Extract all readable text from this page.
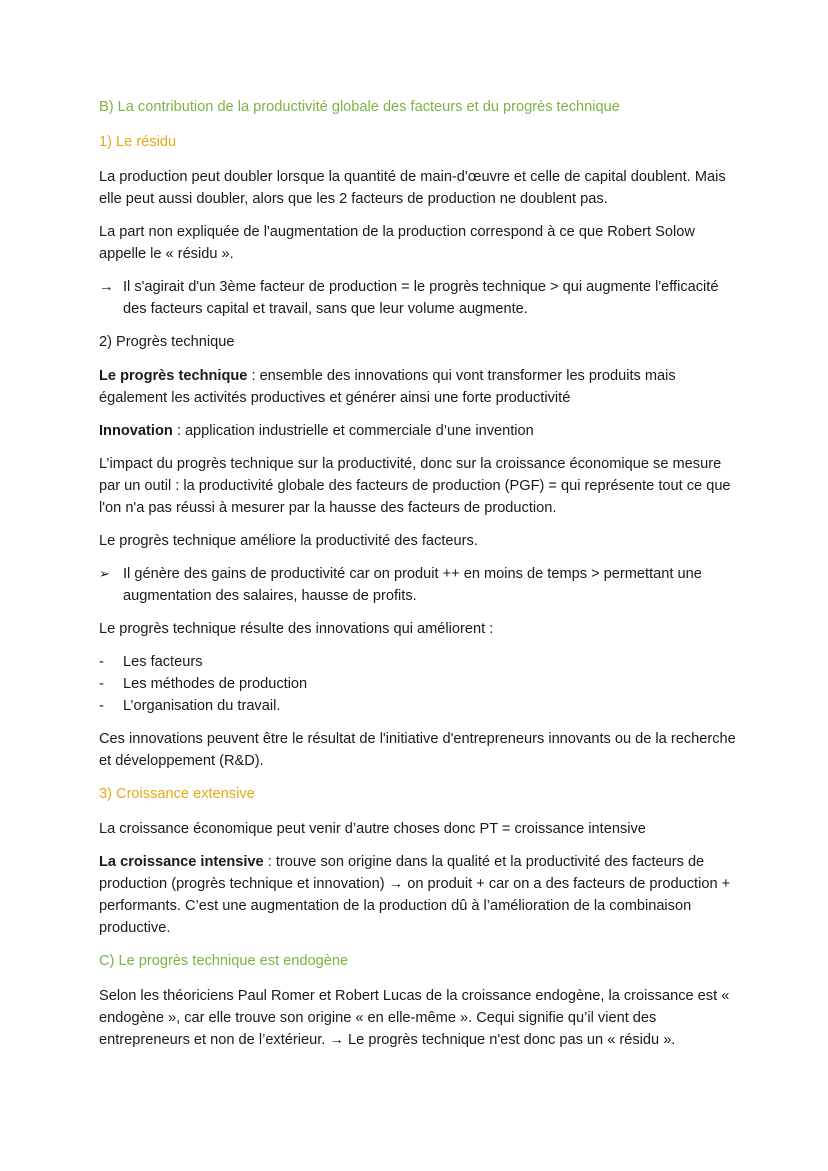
B) La contribution de la productivité globale des facteurs et du progrès technique
1) Le résidu

La production peut doubler lorsque la quantité de main-d'œuvre et celle de capital doublent. Mais elle peut aussi doubler, alors que les 2 facteurs de production ne doublent pas.

La part non expliquée de l'augmentation de la production correspond à ce que Robert Solow appelle le « résidu ».

→ Il s'agirait d'un 3ème facteur de production = le progrès technique > qui augmente l'efficacité des facteurs capital et travail, sans que leur volume augmente.
2) Progrès technique

Le progrès technique : ensemble des innovations qui vont transformer les produits mais également les activités productives et générer ainsi une forte productivité

Innovation : application industrielle et commerciale d’une invention

L’impact du progrès technique sur la productivité, donc sur la croissance économique se mesure par un outil : la productivité globale des facteurs de production (PGF) = qui représente tout ce que l'on n'a pas réussi à mesurer par la hausse des facteurs de production.

Le progrès technique améliore la productivité des facteurs.

➢ Il génère des gains de productivité car on produit ++ en moins de temps > permettant une augmentation des salaires, hausse de profits.

Le progrès technique résulte des innovations qui améliorent :

-	Les facteurs
-	Les méthodes de production
-	L’organisation du travail.

Ces innovations peuvent être le résultat de l'initiative d'entrepreneurs innovants ou de la recherche et développement (R&D).

3) Croissance extensive

La croissance économique peut venir d’autre choses donc PT = croissance intensive

La croissance intensive : trouve son origine dans la qualité et la productivité des facteurs de production (progrès technique et innovation) → on produit + car on a des facteurs de production + performants. C’est une augmentation de la production dû à l’amélioration de la combinaison productive.

C) Le progrès technique est endogène

Selon les théoriciens Paul Romer et Robert Lucas de la croissance endogène, la croissance est « endogène », car elle trouve son origine « en elle-même ». Cequi signifie qu’il vient des entrepreneurs et non de l’extérieur. → Le progrès technique n'est donc pas un « résidu ».
